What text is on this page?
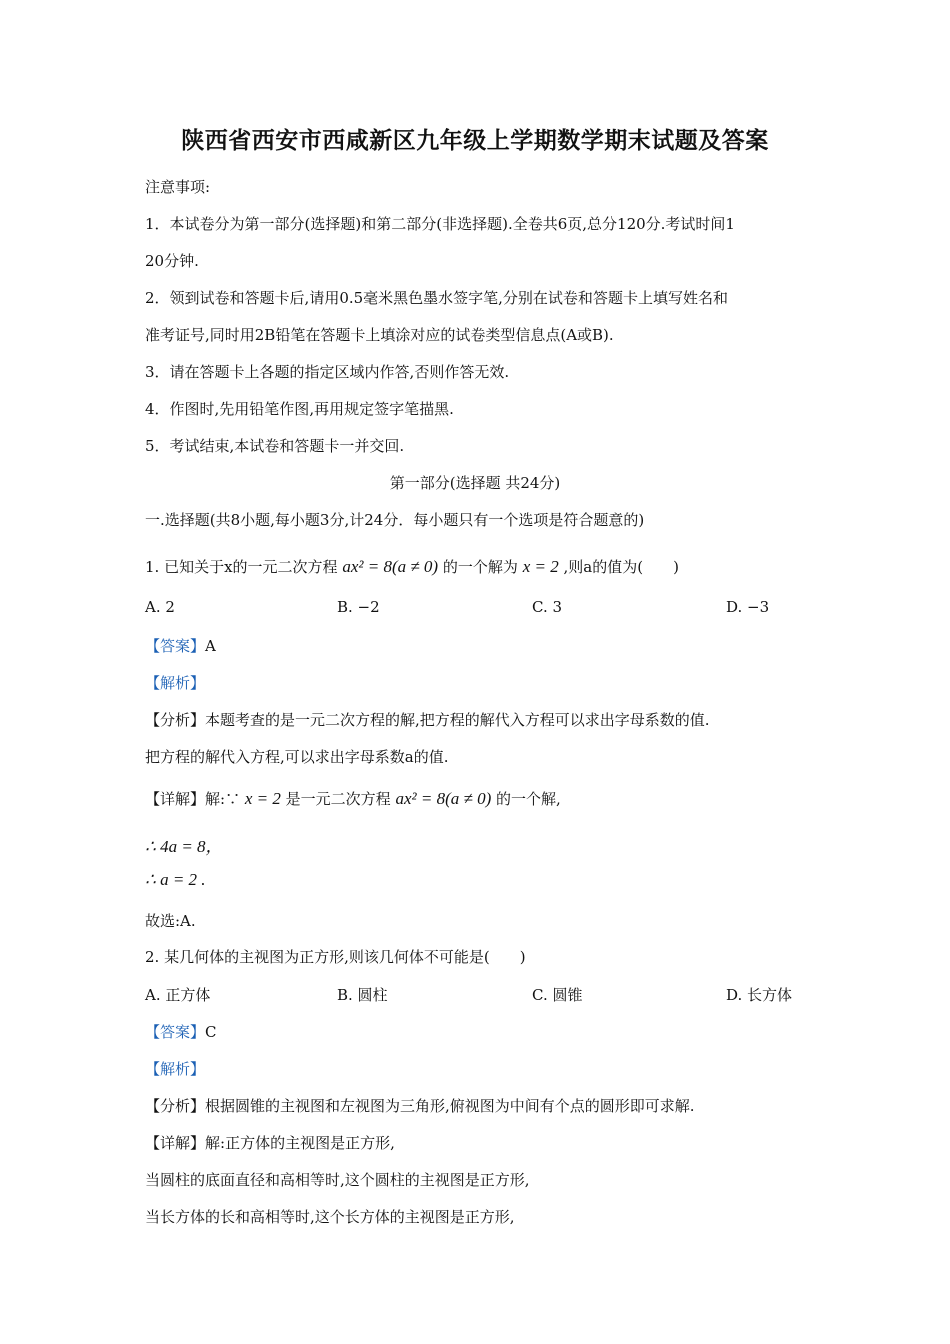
陕西省西安市西咸新区九年级上学期数学期末试题及答案
注意事项:
1．本试卷分为第一部分(选择题)和第二部分(非选择题).全卷共6页,总分120分.考试时间1
20分钟.
2．领到试卷和答题卡后,请用0.5毫米黑色墨水签字笔,分别在试卷和答题卡上填写姓名和
准考证号,同时用2B铅笔在答题卡上填涂对应的试卷类型信息点(A或B).
3．请在答题卡上各题的指定区域内作答,否则作答无效.
4．作图时,先用铅笔作图,再用规定签字笔描黑.
5．考试结束,本试卷和答题卡一并交回.
第一部分(选择题 共24分)
一.选择题(共8小题,每小题3分,计24分．每小题只有一个选项是符合题意的)
1. 已知关于x的一元二次方程 ax² = 8(a ≠ 0) 的一个解为 x = 2 ,则a的值为(　　)
A. 2	B. −2	C. 3	D. −3
【答案】A
【解析】
【分析】本题考查的是一元二次方程的解,把方程的解代入方程可以求出字母系数的值.
把方程的解代入方程,可以求出字母系数a的值.
【详解】解:∵ x = 2 是一元二次方程 ax² = 8(a ≠ 0) 的一个解,
∴ 4a = 8，
∴ a = 2 .
故选:A.
2. 某几何体的主视图为正方形,则该几何体不可能是(　　)
A. 正方体	B. 圆柱	C. 圆锥	D. 长方体
【答案】C
【解析】
【分析】根据圆锥的主视图和左视图为三角形,俯视图为中间有个点的圆形即可求解.
【详解】解:正方体的主视图是正方形,
当圆柱的底面直径和高相等时,这个圆柱的主视图是正方形,
当长方体的长和高相等时,这个长方体的主视图是正方形,
